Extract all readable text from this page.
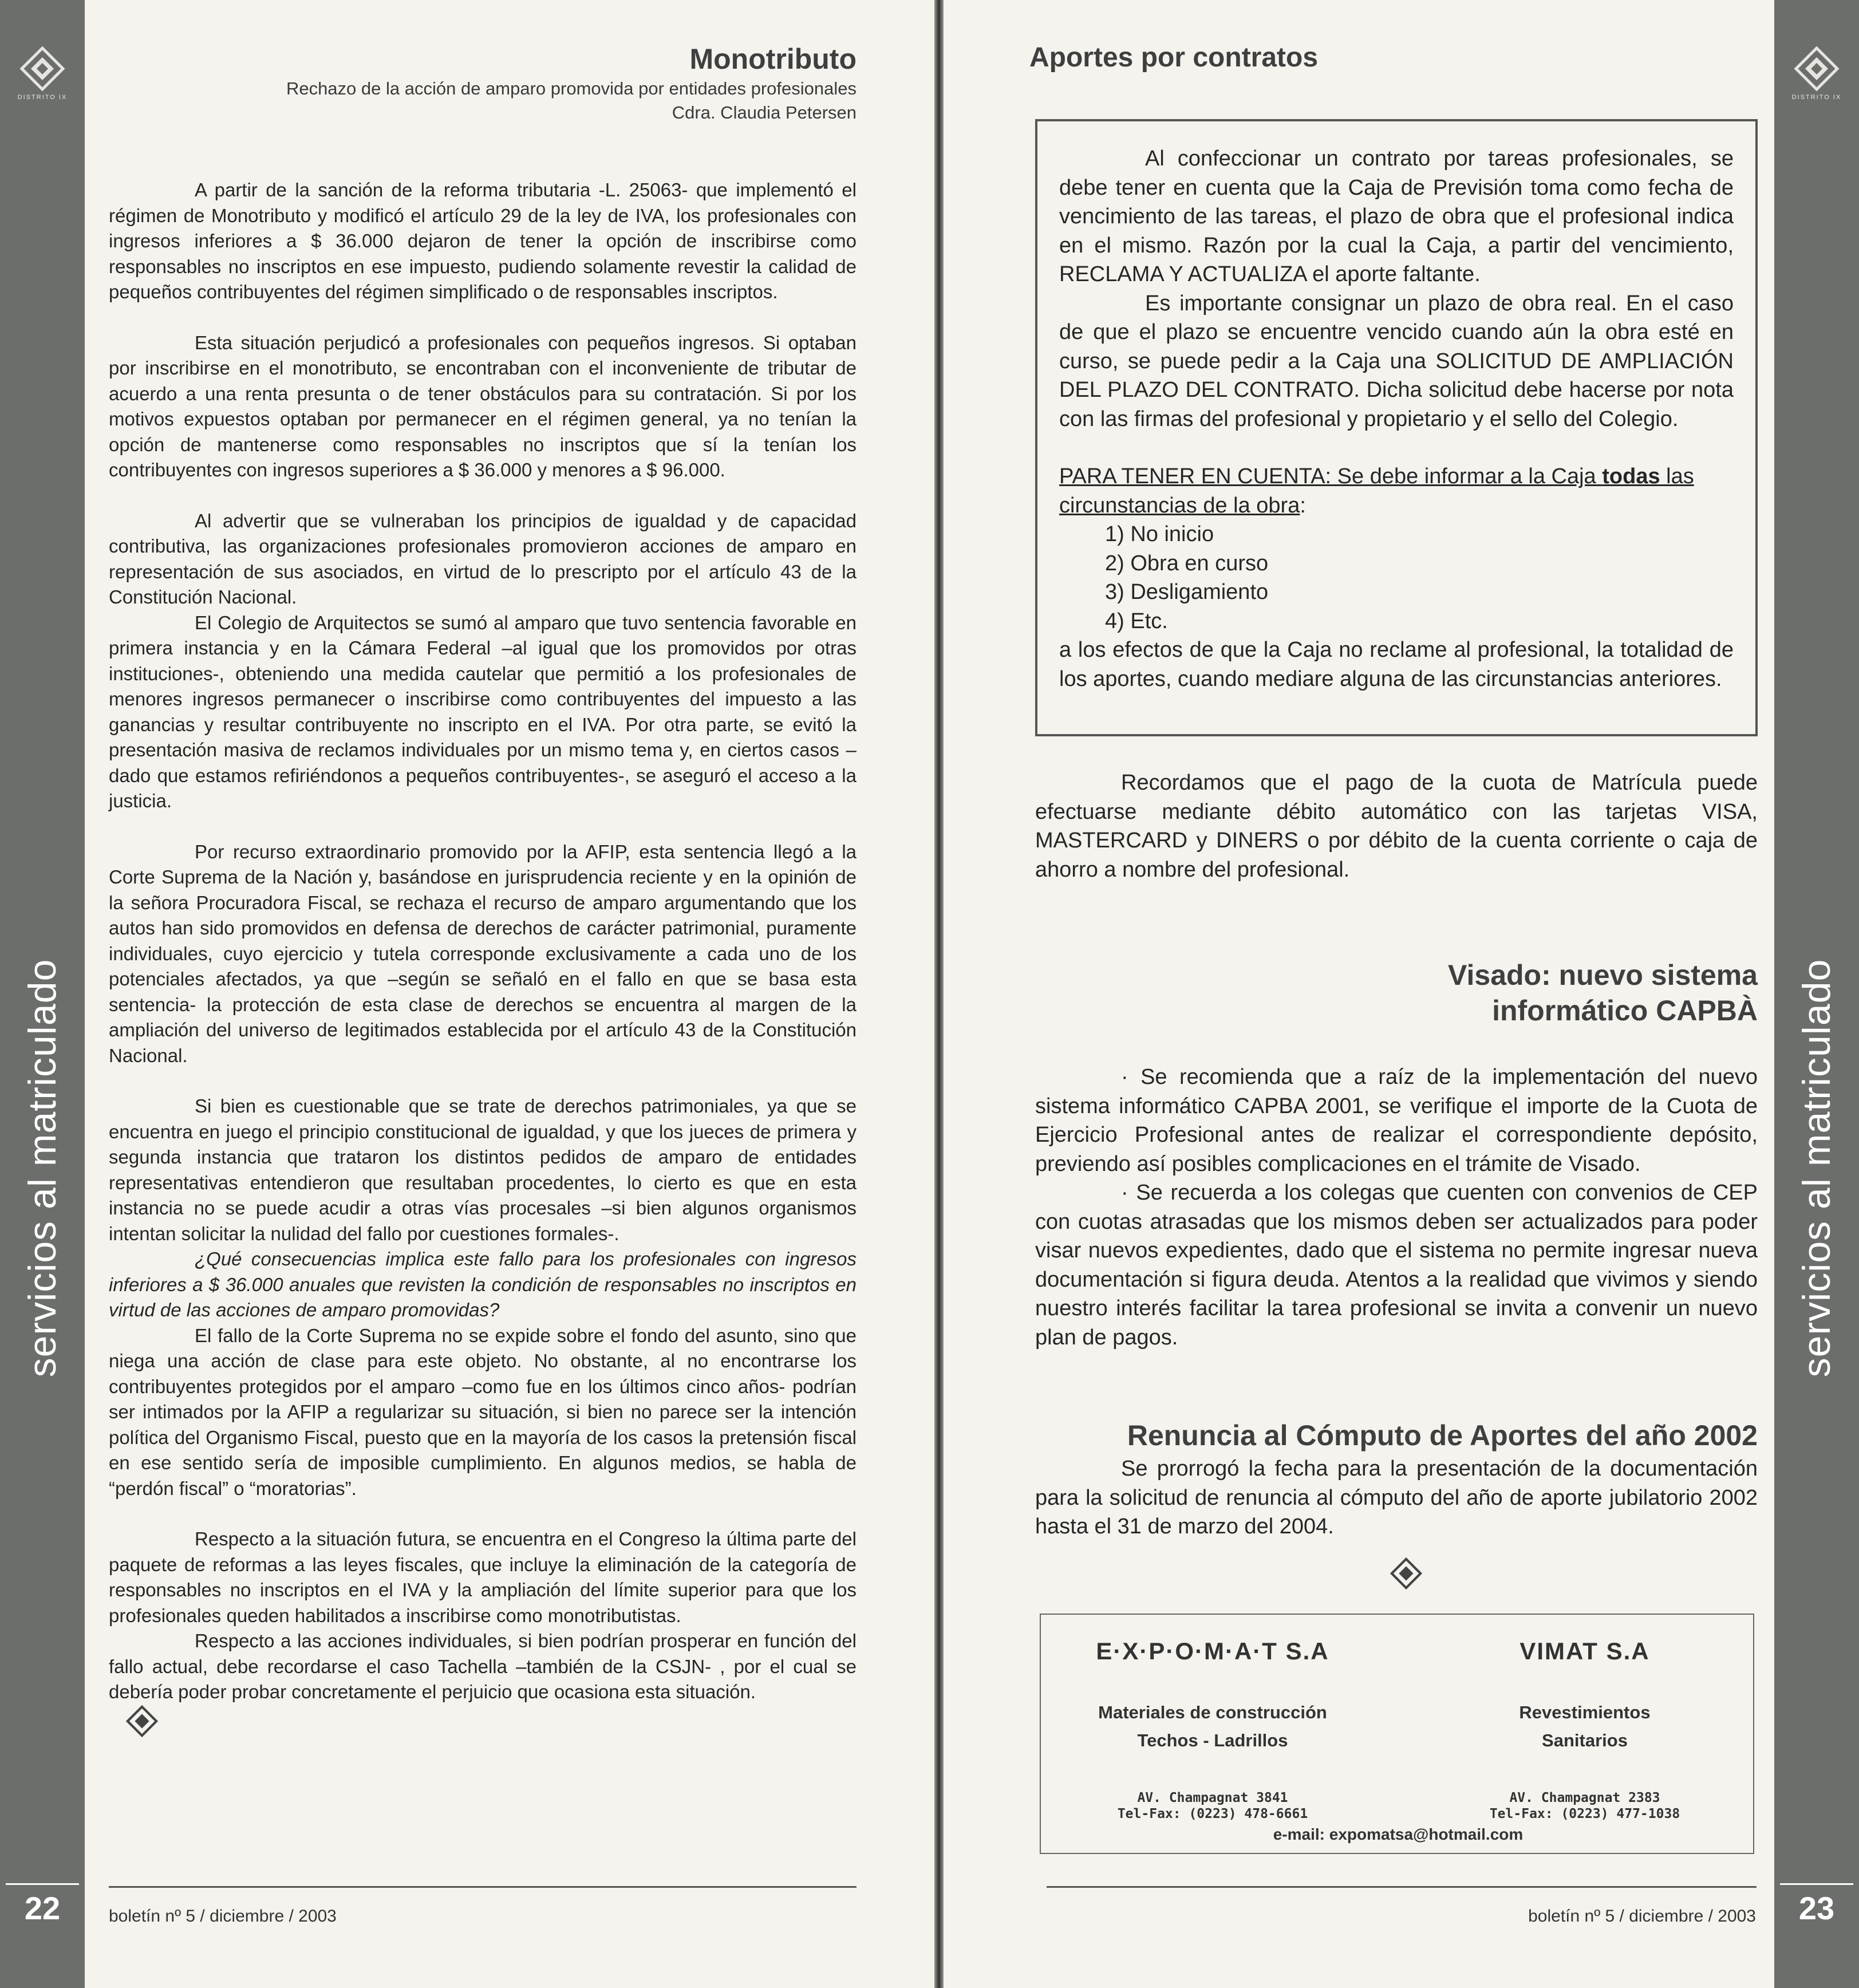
DISTRITO IX
servicios al matriculado
22
Monotributo
Rechazo de la acción de amparo promovida por entidades profesionales
Cdra. Claudia Petersen

A partir de la sanción de la reforma tributaria -L. 25063- que implementó el régimen de Monotributo y modificó el artículo 29 de la ley de IVA, los profesionales con ingresos inferiores a $ 36.000 dejaron de tener la opción de inscribirse como responsables no inscriptos en ese impuesto, pudiendo solamente revestir la calidad de pequeños contribuyentes del régimen simplificado o de responsables inscriptos.

Esta situación perjudicó a profesionales con pequeños ingresos. Si optaban por inscribirse en el monotributo, se encontraban con el inconveniente de tributar de acuerdo a una renta presunta o de tener obstáculos para su contratación. Si por los motivos expuestos optaban por permanecer en el régimen general, ya no tenían la opción de mantenerse como responsables no inscriptos que sí la tenían los contribuyentes con ingresos superiores a $ 36.000 y menores a $ 96.000.

Al advertir que se vulneraban los principios de igualdad y de capacidad contributiva, las organizaciones profesionales promovieron acciones de amparo en representación de sus asociados, en virtud de lo prescripto por el artículo 43 de la Constitución Nacional.

El Colegio de Arquitectos se sumó al amparo que tuvo sentencia favorable en primera instancia y en la Cámara Federal –al igual que los promovidos por otras instituciones-, obteniendo una medida cautelar que permitió a los profesionales de menores ingresos permanecer o inscribirse como contribuyentes del impuesto a las ganancias y resultar contribuyente no inscripto en el IVA. Por otra parte, se evitó la presentación masiva de reclamos individuales por un mismo tema y, en ciertos casos –dado que estamos refiriéndonos a pequeños contribuyentes-, se aseguró el acceso a la justicia.

Por recurso extraordinario promovido por la AFIP, esta sentencia llegó a la Corte Suprema de la Nación y, basándose en jurisprudencia reciente y en la opinión de la señora Procuradora Fiscal, se rechaza el recurso de amparo argumentando que los autos han sido promovidos en defensa de derechos de carácter patrimonial, puramente individuales, cuyo ejercicio y tutela corresponde exclusivamente a cada uno de los potenciales afectados, ya que –según se señaló en el fallo en que se basa esta sentencia- la protección de esta clase de derechos se encuentra al margen de la ampliación del universo de legitimados establecida por el artículo 43 de la Constitución Nacional.

Si bien es cuestionable que se trate de derechos patrimoniales, ya que se encuentra en juego el principio constitucional de igualdad, y que los jueces de primera y segunda instancia que trataron los distintos pedidos de amparo de entidades representativas entendieron que resultaban procedentes, lo cierto es que en esta instancia no se puede acudir a otras vías procesales –si bien algunos organismos intentan solicitar la nulidad del fallo por cuestiones formales-.

¿Qué consecuencias implica este fallo para los profesionales con ingresos inferiores a $ 36.000 anuales que revisten la condición de responsables no inscriptos en virtud de las acciones de amparo promovidas?

El fallo de la Corte Suprema no se expide sobre el fondo del asunto, sino que niega una acción de clase para este objeto. No obstante, al no encontrarse los contribuyentes protegidos por el amparo –como fue en los últimos cinco años- podrían ser intimados por la AFIP a regularizar su situación, si bien no parece ser la intención política del Organismo Fiscal, puesto que en la mayoría de los casos la pretensión fiscal en ese sentido sería de imposible cumplimiento. En algunos medios, se habla de “perdón fiscal” o “moratorias”.

Respecto a la situación futura, se encuentra en el Congreso la última parte del paquete de reformas a las leyes fiscales, que incluye la eliminación de la categoría de responsables no inscriptos en el IVA y la ampliación del límite superior para que los profesionales queden habilitados a inscribirse como monotributistas.

Respecto a las acciones individuales, si bien podrían prosperar en función del fallo actual, debe recordarse el caso Tachella –también de la CSJN- , por el cual se debería poder probar concretamente el perjuicio que ocasiona esta situación.

boletín nº 5 / diciembre / 2003
DISTRITO IX
servicios al matriculado
23
Aportes por contratos

Al confeccionar un contrato por tareas profesionales, se debe tener en cuenta que la Caja de Previsión toma como fecha de vencimiento de las tareas, el plazo de obra que el profesional indica en el mismo. Razón por la cual la Caja, a partir del vencimiento, RECLAMA Y ACTUALIZA el aporte faltante.

Es importante consignar un plazo de obra real. En el caso de que el plazo se encuentre vencido cuando aún la obra esté en curso, se puede pedir a la Caja una SOLICITUD DE AMPLIACIÓN DEL PLAZO DEL CONTRATO. Dicha solicitud debe hacerse por nota con las firmas del profesional y propietario y el sello del Colegio.

PARA TENER EN CUENTA: Se debe informar a la Caja todas las circunstancias de la obra:

1) No inicio
2) Obra en curso
3) Desligamiento
4) Etc.

a los efectos de que la Caja no reclame al profesional, la totalidad de los aportes, cuando mediare alguna de las circunstancias anteriores.

Recordamos que el pago de la cuota de Matrícula puede efectuarse mediante débito automático con las tarjetas VISA, MASTERCARD y DINERS o por débito de la cuenta corriente o caja de ahorro a nombre del profesional.

Visado: nuevo sistema
informático CAPBÀ

· Se recomienda que a raíz de la implementación del nuevo sistema informático CAPBA 2001, se verifique el importe de la Cuota de Ejercicio Profesional antes de realizar el correspondiente depósito, previendo así posibles complicaciones en el trámite de Visado.

· Se recuerda a los colegas que cuenten con convenios de CEP con cuotas atrasadas que los mismos deben ser actualizados para poder visar nuevos expedientes, dado que el sistema no permite ingresar nueva documentación si figura deuda. Atentos a la realidad que vivimos y siendo nuestro interés facilitar la tarea profesional se invita a convenir un nuevo plan de pagos.

Renuncia al Cómputo de Aportes del año 2002

Se prorrogó la fecha para la presentación de la documentación para la solicitud de renuncia al cómputo del año de aporte jubilatorio 2002 hasta el 31 de marzo del 2004.

E·X·P·O·M·A·T S.A
Materiales de construcción
Techos - Ladrillos
AV. Champagnat 3841
Tel-Fax: (0223) 478-6661
VIMAT S.A
Revestimientos
Sanitarios
AV. Champagnat 2383
Tel-Fax: (0223) 477-1038
e-mail: expomatsa@hotmail.com
boletín nº 5 / diciembre / 2003
